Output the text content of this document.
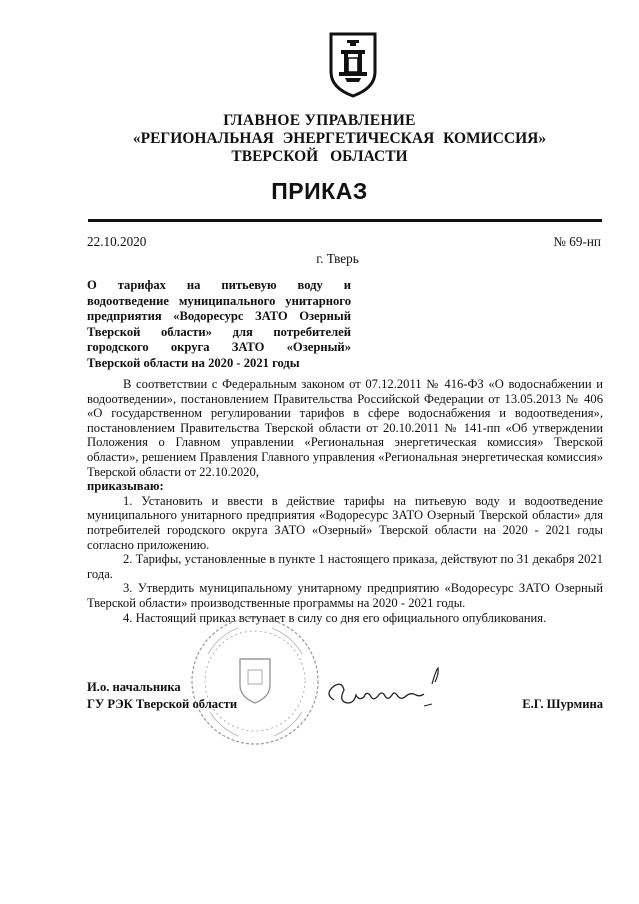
ГЛАВНОЕ УПРАВЛЕНИЕ
«РЕГИОНАЛЬНАЯ ЭНЕРГЕТИЧЕСКАЯ КОМИССИЯ»
ТВЕРСКОЙ ОБЛАСТИ
ПРИКАЗ
22.10.2020	№ 69-нп
г. Тверь
О тарифах на питьевую воду и
водоотведение муниципального унитарного
предприятия «Водоресурс ЗАТО Озерный
Тверской области» для потребителей
городского округа ЗАТО «Озерный»
Тверской области на 2020 - 2021 годы

В соответствии с Федеральным законом от 07.12.2011 № 416-ФЗ «О водоснабжении и водоотведении», постановлением Правительства Российской Федерации от 13.05.2013 № 406 «О государственном регулировании тарифов в сфере водоснабжения и водоотведения», постановлением Правительства Тверской области от 20.10.2011 № 141-пп «Об утверждении Положения о Главном управлении «Региональная энергетическая комиссия» Тверской области», решением Правления Главного управления «Региональная энергетическая комиссия» Тверской области от 22.10.2020,

приказываю:

1. Установить и ввести в действие тарифы на питьевую воду и водоотведение муниципального унитарного предприятия «Водоресурс ЗАТО Озерный Тверской области» для потребителей городского округа ЗАТО «Озерный» Тверской области на 2020 - 2021 годы согласно приложению.

2. Тарифы, установленные в пункте 1 настоящего приказа, действуют по 31 декабря 2021 года.

3. Утвердить муниципальному унитарному предприятию «Водоресурс ЗАТО Озерный Тверской области» производственные программы на 2020 - 2021 годы.

4. Настоящий приказ вступает в силу со дня его официального опубликования.

И.о. начальника
ГУ РЭК Тверской области	Е.Г. Шурмина
